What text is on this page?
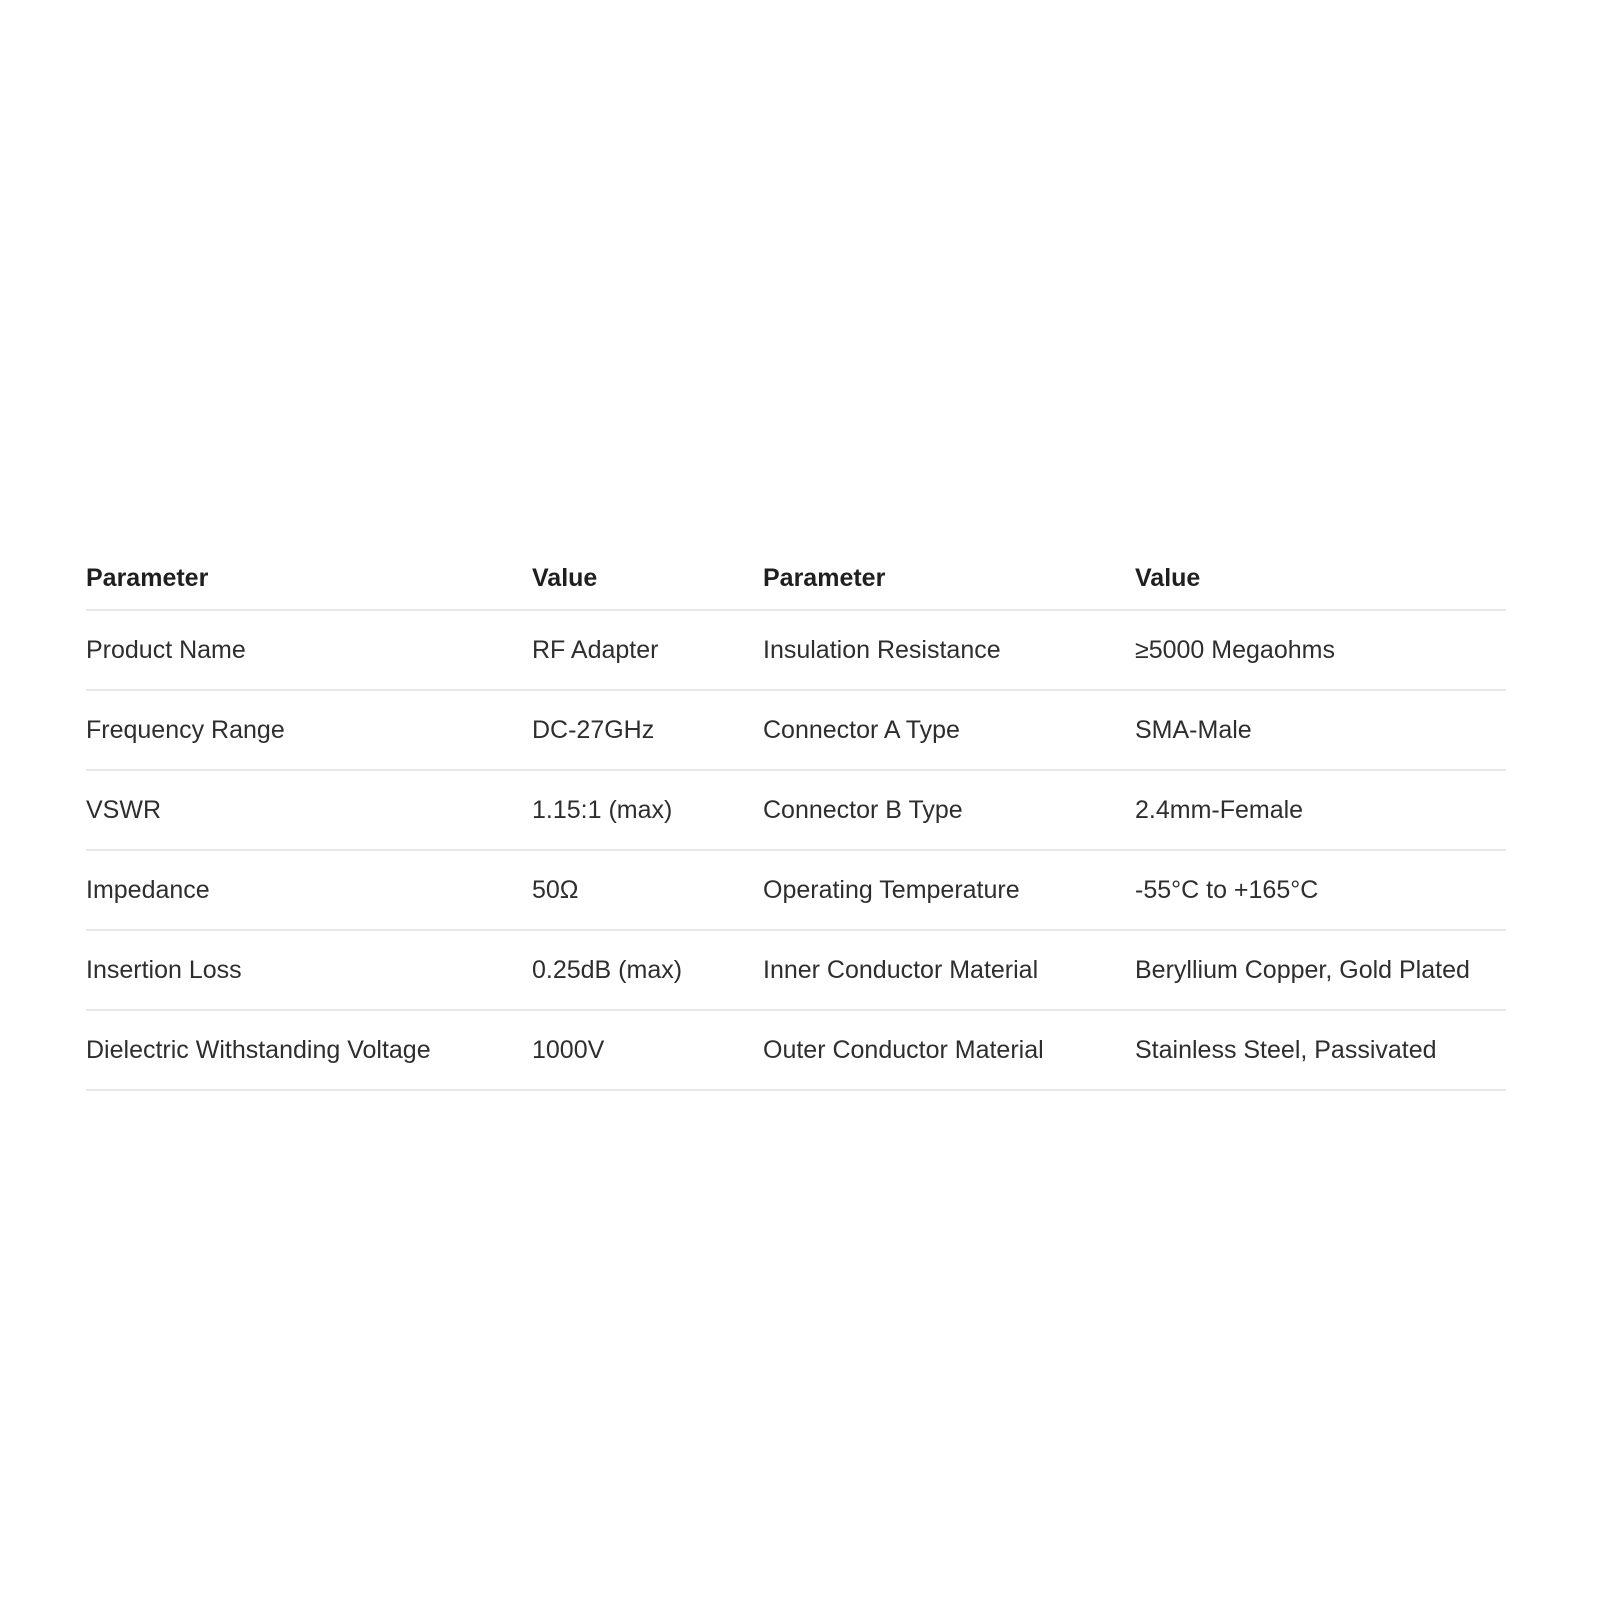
Parameter	Value	Parameter	Value
Product Name	RF Adapter	Insulation Resistance	≥5000 Megaohms
Frequency Range	DC-27GHz	Connector A Type	SMA-Male
VSWR	1.15:1 (max)	Connector B Type	2.4mm-Female
Impedance	50Ω	Operating Temperature	-55°C to +165°C
Insertion Loss	0.25dB (max)	Inner Conductor Material	Beryllium Copper, Gold Plated
Dielectric Withstanding Voltage	1000V	Outer Conductor Material	Stainless Steel, Passivated
